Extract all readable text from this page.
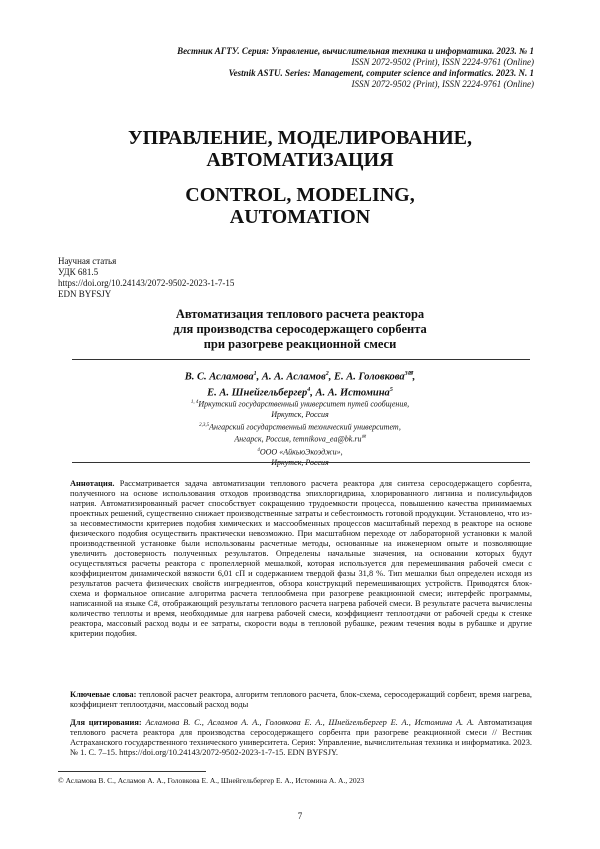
Вестник АГТУ. Серия: Управление, вычислительная техника и информатика. 2023. № 1
ISSN 2072-9502 (Print), ISSN 2224-9761 (Online)
Vestnik ASTU. Series: Management, computer science and informatics. 2023. N. 1
ISSN 2072-9502 (Print), ISSN 2224-9761 (Online)
УПРАВЛЕНИЕ, МОДЕЛИРОВАНИЕ,
АВТОМАТИЗАЦИЯ
CONTROL, MODELING,
AUTOMATION
Научная статья
УДК 681.5
https://doi.org/10.24143/2072-9502-2023-1-7-15
EDN BYFSJY
Автоматизация теплового расчета реактора
для производства серосодержащего сорбента
при разогреве реакционной смеси
В. С. Асламова$^1$, А. А. Асламов$^2$, Е. А. Головкова$^{3✉}$,
Е. А. Шнейгельбергер$^4$, А. А. Истомина$^5$
$^{1, 4}$Иркутский государственный университет путей сообщения,
Иркутск, Россия
$^{2,3,5}$Ангарский государственный технический университет,
Ангарск, Россия, temnikova_ea@bk.ru✉
$^4$ООО «АйкьюЭкоэджи»,
Иркутск, Россия
Аннотация. Рассматривается задача автоматизации теплового расчета реактора для синтеза серосодержащего сорбента, полученного на основе использования отходов производства эпихлоргидрина, хлорированного лигнина и полисульфидов натрия. Автоматизированный расчет способствует сокращению трудоемкости процесса, повышению качества принимаемых проектных решений, существенно снижает производственные затраты и себестоимость готовой продукции. Установлено, что из-за несовместимости критериев подобия химических и массообменных процессов масштабный переход в реакторе на основе физического подобия осуществить практически невозможно. При масштабном переходе от лабораторной установки к малой производственной установке были использованы расчетные методы, основанные на инженерном опыте и позволяющие увеличить достоверность полученных результатов. Определены начальные значения, на основании которых будут осуществляться расчеты реактора с пропеллерной мешалкой, которая используется для перемешивания рабочей смеси с коэффициентом динамической вязкости 6,01 сП и содержанием твердой фазы 31,8 %. Тип мешалки был определен исходя из результатов расчета физических свойств ингредиентов, обзора конструкций перемешивающих устройств. Приводятся блок-схема и формальное описание алгоритма расчета теплообмена при разогреве реакционной смеси; интерфейс программы, написанной на языке C#, отображающий результаты теплового расчета нагрева рабочей смеси. В результате расчета вычислены количество теплоты и время, необходимые для нагрева рабочей смеси, коэффициент теплоотдачи от рабочей среды к стенке реактора, массовый расход воды и ее затраты, скорости воды в тепловой рубашке, режим течения воды в рубашке и другие критерии подобия.
Ключевые слова: тепловой расчет реактора, алгоритм теплового расчета, блок-схема, серосодержащий сорбент, время нагрева, коэффициент теплоотдачи, массовый расход воды
Для цитирования: Асламова В. С., Асламов А. А., Головкова Е. А., Шнейгельбергер Е. А., Истомина А. А. Автоматизация теплового расчета реактора для производства серосодержащего сорбента при разогреве реакционной смеси // Вестник Астраханского государственного технического университета. Серия: Управление, вычислительная техника и информатика. 2023. № 1. С. 7–15. https://doi.org/10.24143/2072-9502-2023-1-7-15. EDN BYFSJY.
© Асламова В. С., Асламов А. А., Головкова Е. А., Шнейгельбергер Е. А., Истомина А. А., 2023
7
